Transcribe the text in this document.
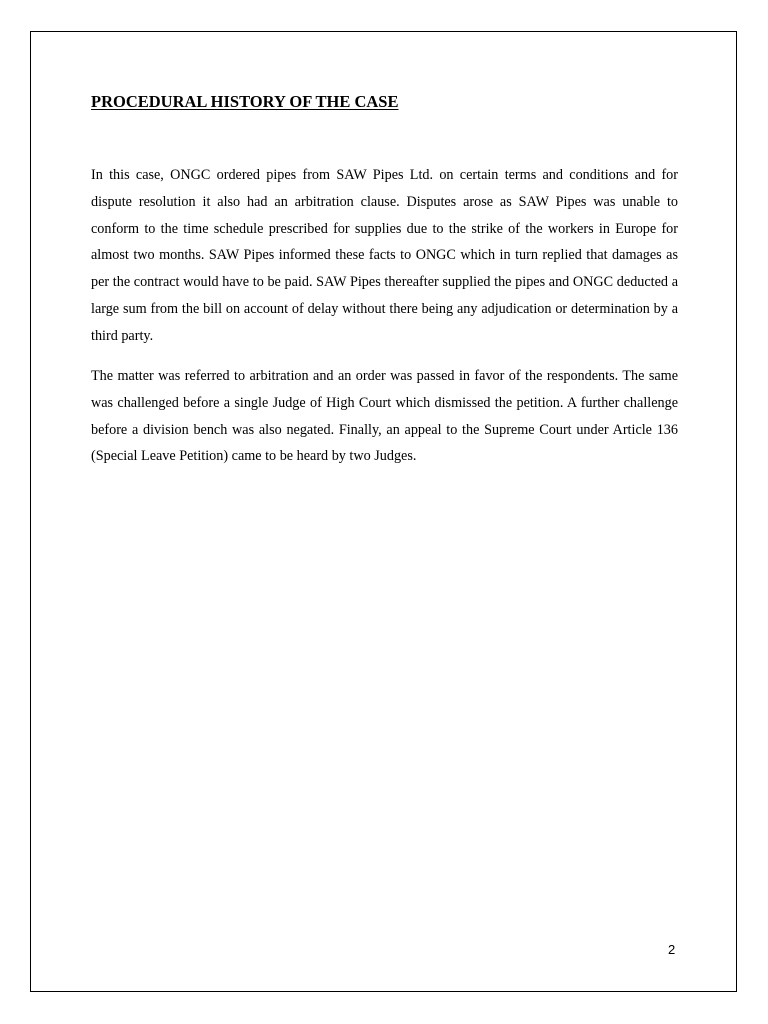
PROCEDURAL HISTORY OF THE CASE

In this case, ONGC ordered pipes from SAW Pipes Ltd. on certain terms and conditions and for dispute resolution it also had an arbitration clause. Disputes arose as SAW Pipes was unable to conform to the time schedule prescribed for supplies due to the strike of the workers in Europe for almost two months. SAW Pipes informed these facts to ONGC which in turn replied that damages as per the contract would have to be paid. SAW Pipes thereafter supplied the pipes and ONGC deducted a large sum from the bill on account of delay without there being any adjudication or determination by a third party.

The matter was referred to arbitration and an order was passed in favor of the respondents. The same was challenged before a single Judge of High Court which dismissed the petition. A further challenge before a division bench was also negated. Finally, an appeal to the Supreme Court under Article 136 (Special Leave Petition) came to be heard by two Judges.

2
